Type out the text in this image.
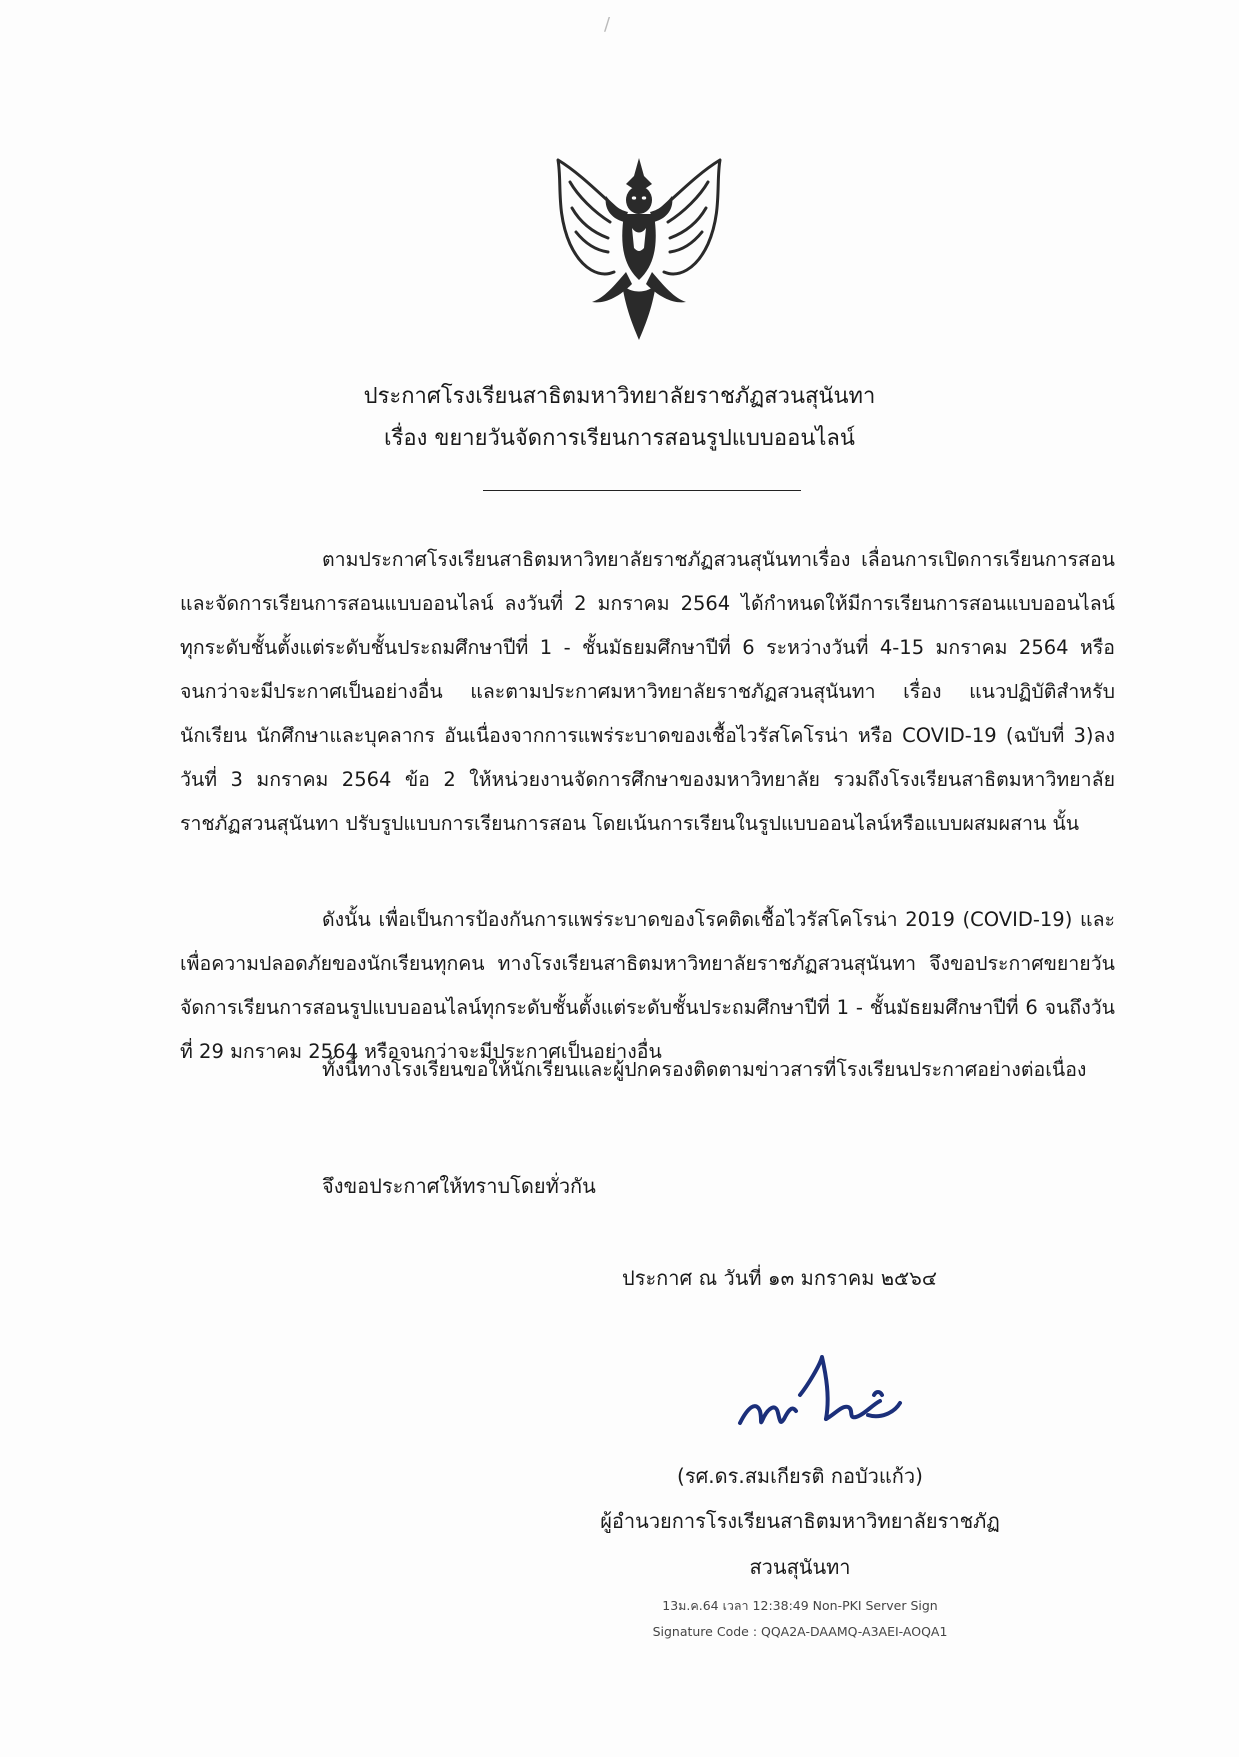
ประกาศโรงเรียนสาธิตมหาวิทยาลัยราชภัฏสวนสุนันทา
เรื่อง ขยายวันจัดการเรียนการสอนรูปแบบออนไลน์

ตามประกาศโรงเรียนสาธิตมหาวิทยาลัยราชภัฏสวนสุนันทาเรื่อง เลื่อนการเปิดการเรียนการสอนและจัดการเรียนการสอนแบบออนไลน์ ลงวันที่ 2 มกราคม 2564 ได้กำหนดให้มีการเรียนการสอนแบบออนไลน์ ทุกระดับชั้นตั้งแต่ระดับชั้นประถมศึกษาปีที่ 1 - ชั้นมัธยมศึกษาปีที่ 6 ระหว่างวันที่ 4-15 มกราคม 2564 หรือจนกว่าจะมีประกาศเป็นอย่างอื่น และตามประกาศมหาวิทยาลัยราชภัฏสวนสุนันทา เรื่อง แนวปฏิบัติสำหรับนักเรียน นักศึกษาและบุคลากร อันเนื่องจากการแพร่ระบาดของเชื้อไวรัสโคโรน่า หรือ COVID-19 (ฉบับที่ 3)ลงวันที่ 3 มกราคม 2564 ข้อ 2 ให้หน่วยงานจัดการศึกษาของมหาวิทยาลัย รวมถึงโรงเรียนสาธิตมหาวิทยาลัย ราชภัฏสวนสุนันทา ปรับรูปแบบการเรียนการสอน โดยเน้นการเรียนในรูปแบบออนไลน์หรือแบบผสมผสาน นั้น

ดังนั้น เพื่อเป็นการป้องกันการแพร่ระบาดของโรคติดเชื้อไวรัสโคโรน่า 2019 (COVID-19) และเพื่อความปลอดภัยของนักเรียนทุกคน ทางโรงเรียนสาธิตมหาวิทยาลัยราชภัฏสวนสุนันทา จึงขอประกาศขยายวันจัดการเรียนการสอนรูปแบบออนไลน์ทุกระดับชั้นตั้งแต่ระดับชั้นประถมศึกษาปีที่ 1 - ชั้นมัธยมศึกษาปีที่ 6 จนถึงวันที่ 29 มกราคม 2564 หรือจนกว่าจะมีประกาศเป็นอย่างอื่น

ทั้งนี้ทางโรงเรียนขอให้นักเรียนและผู้ปกครองติดตามข่าวสารที่โรงเรียนประกาศอย่างต่อเนื่อง
จึงขอประกาศให้ทราบโดยทั่วกัน
ประกาศ ณ วันที่ ๑๓ มกราคม ๒๕๖๔
(รศ.ดร.สมเกียรติ กอบัวแก้ว)
ผู้อำนวยการโรงเรียนสาธิตมหาวิทยาลัยราชภัฏ
สวนสุนันทา
13ม.ค.64 เวลา 12:38:49 Non-PKI Server Sign
Signature Code : QQA2A-DAAMQ-A3AEI-AOQA1
/
